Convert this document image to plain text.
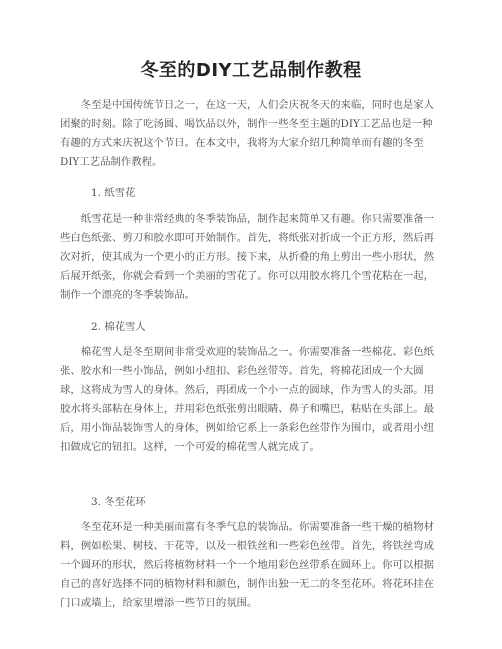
冬至的DIY工艺品制作教程

冬至是中国传统节日之一，在这一天，人们会庆祝冬天的来临，同时也是家人团聚的时刻。除了吃汤圆、喝饮品以外，制作一些冬至主题的DIY工艺品也是一种有趣的方式来庆祝这个节日。在本文中，我将为大家介绍几种简单而有趣的冬至DIY工艺品制作教程。

1. 纸雪花

纸雪花是一种非常经典的冬季装饰品，制作起来简单又有趣。你只需要准备一些白色纸张、剪刀和胶水即可开始制作。首先，将纸张对折成一个正方形，然后再次对折，使其成为一个更小的正方形。接下来，从折叠的角上剪出一些小形状，然后展开纸张，你就会看到一个美丽的雪花了。你可以用胶水将几个雪花粘在一起，制作一个漂亮的冬季装饰品。

2. 棉花雪人

棉花雪人是冬至期间非常受欢迎的装饰品之一。你需要准备一些棉花、彩色纸张、胶水和一些小饰品，例如小纽扣、彩色丝带等。首先，将棉花团成一个大圆球，这将成为雪人的身体。然后，再团成一个小一点的圆球，作为雪人的头部。用胶水将头部粘在身体上，并用彩色纸张剪出眼睛、鼻子和嘴巴，粘贴在头部上。最后，用小饰品装饰雪人的身体，例如给它系上一条彩色丝带作为围巾，或者用小纽扣做成它的钮扣。这样，一个可爱的棉花雪人就完成了。

3. 冬至花环

冬至花环是一种美丽而富有冬季气息的装饰品。你需要准备一些干燥的植物材料，例如松果、树枝、干花等，以及一根铁丝和一些彩色丝带。首先，将铁丝弯成一个圆环的形状，然后将植物材料一个一个地用彩色丝带系在圆环上。你可以根据自己的喜好选择不同的植物材料和颜色，制作出独一无二的冬至花环。将花环挂在门口或墙上，给家里增添一些节日的氛围。
